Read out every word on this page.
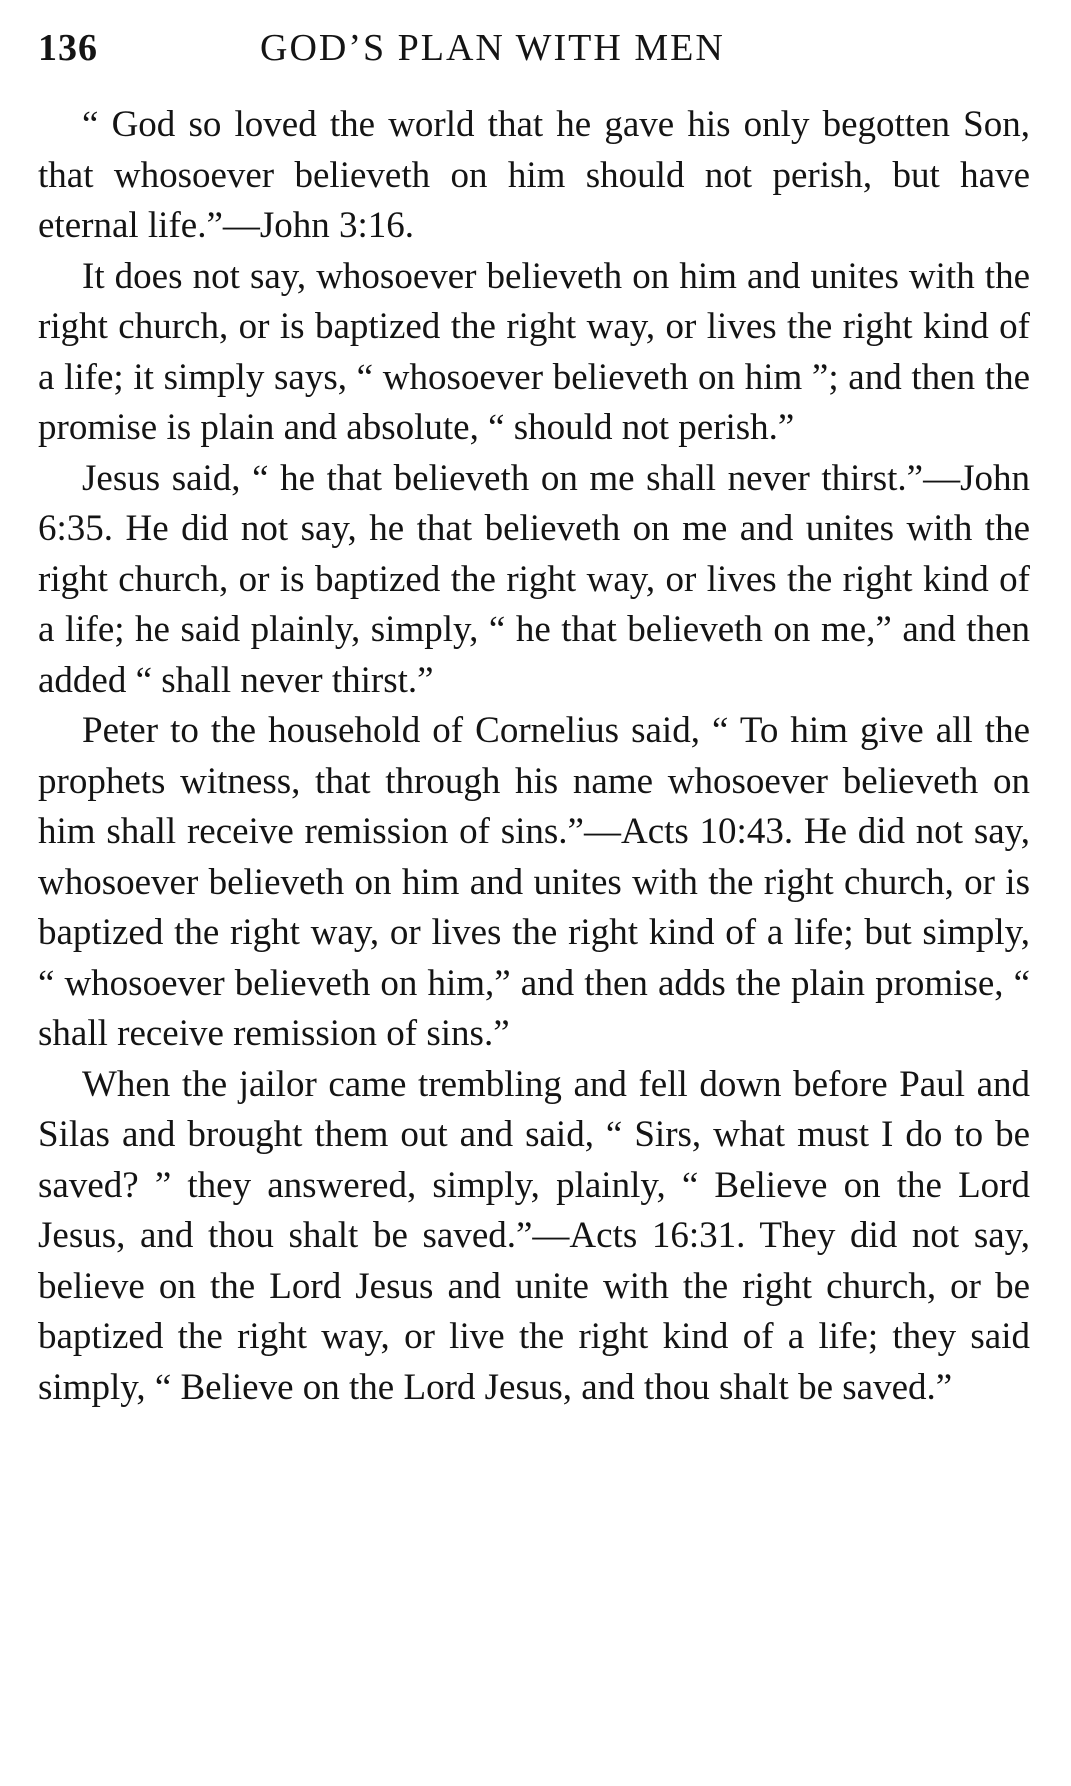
136	GOD’S PLAN WITH MEN

“ God so loved the world that he gave his only begotten Son, that whosoever believeth on him should not perish, but have eternal life.”—John 3:16.

It does not say, whosoever believeth on him and unites with the right church, or is baptized the right way, or lives the right kind of a life; it simply says, “ whosoever believeth on him ”; and then the promise is plain and absolute, “ should not perish.”

Jesus said, “ he that believeth on me shall never thirst.”—John 6:35. He did not say, he that believeth on me and unites with the right church, or is baptized the right way, or lives the right kind of a life; he said plainly, simply, “ he that believeth on me,” and then added “ shall never thirst.”

Peter to the household of Cornelius said, “ To him give all the prophets witness, that through his name whosoever believeth on him shall receive remission of sins.”—Acts 10:43. He did not say, whosoever believeth on him and unites with the right church, or is baptized the right way, or lives the right kind of a life; but simply, “ whosoever believeth on him,” and then adds the plain promise, “ shall receive remission of sins.”

When the jailor came trembling and fell down before Paul and Silas and brought them out and said, “ Sirs, what must I do to be saved? ” they answered, simply, plainly, “ Believe on the Lord Jesus, and thou shalt be saved.”—Acts 16:31. They did not say, believe on the Lord Jesus and unite with the right church, or be baptized the right way, or live the right kind of a life; they said simply, “ Believe on the Lord Jesus, and thou shalt be saved.”
